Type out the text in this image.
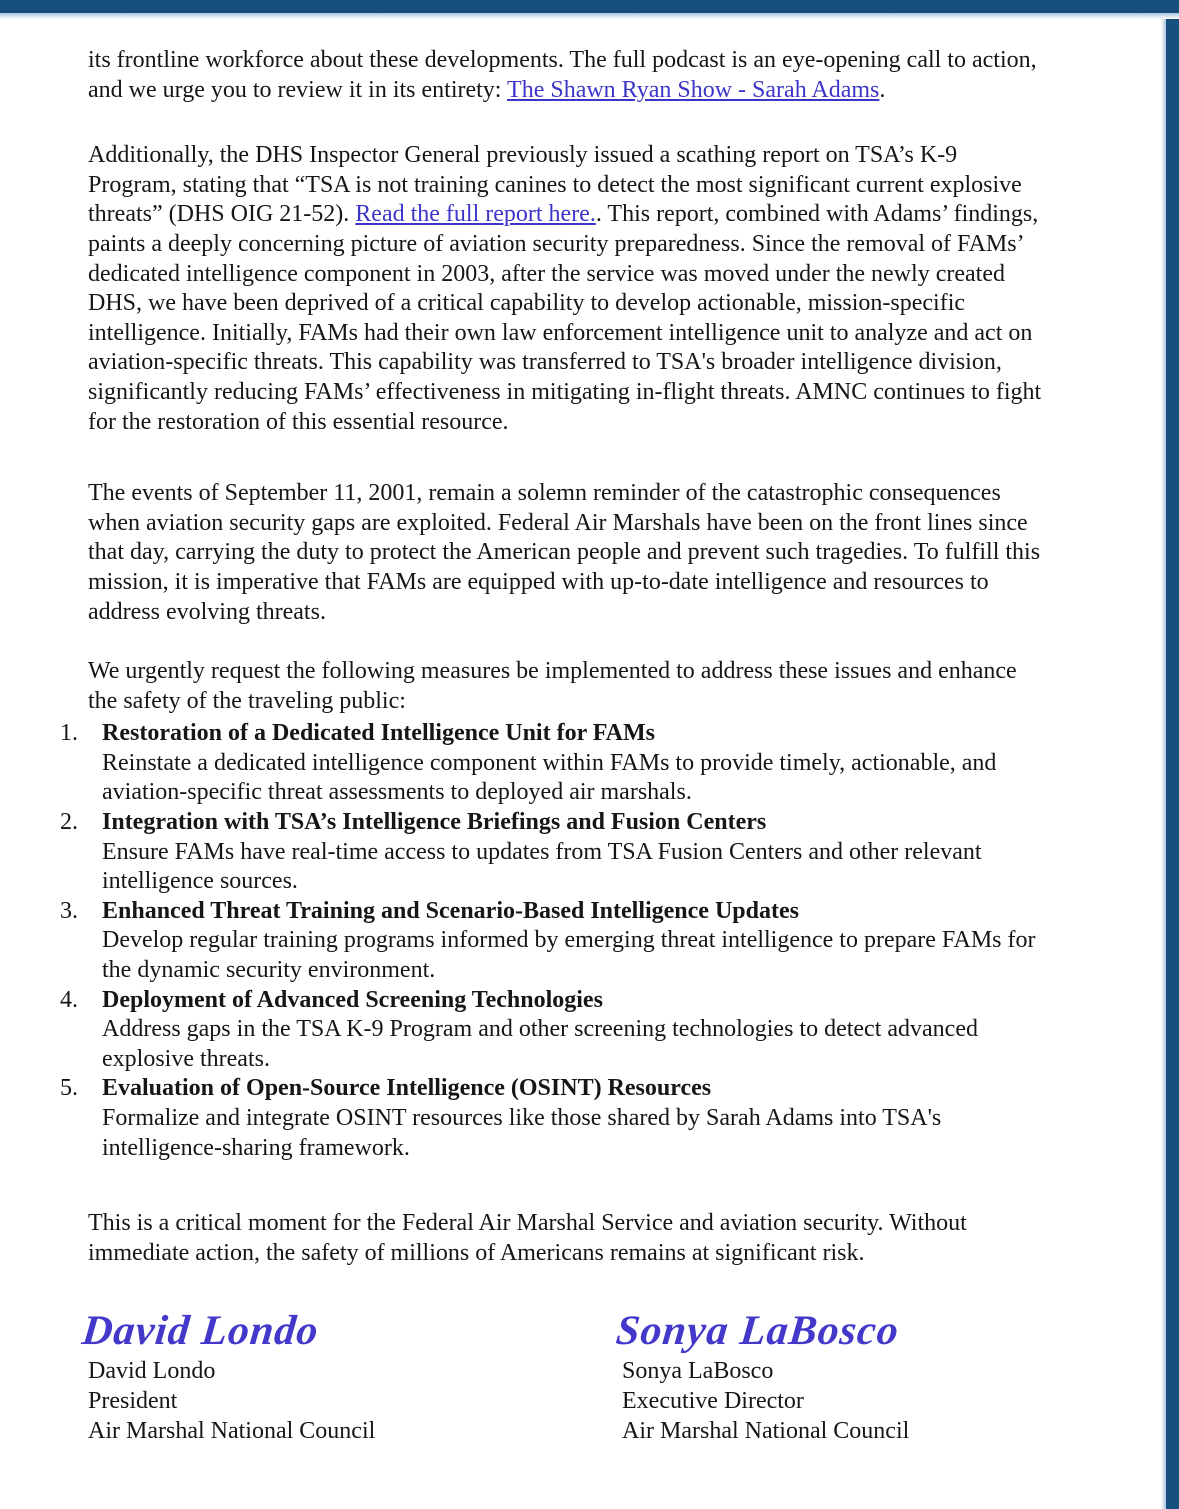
its frontline workforce about these developments. The full podcast is an eye-opening call to action, and we urge you to review it in its entirety: The Shawn Ryan Show - Sarah Adams.

Additionally, the DHS Inspector General previously issued a scathing report on TSA’s K-9 Program, stating that “TSA is not training canines to detect the most significant current explosive threats” (DHS OIG 21-52). Read the full report here.. This report, combined with Adams’ findings, paints a deeply concerning picture of aviation security preparedness. Since the removal of FAMs’ dedicated intelligence component in 2003, after the service was moved under the newly created DHS, we have been deprived of a critical capability to develop actionable, mission-specific intelligence. Initially, FAMs had their own law enforcement intelligence unit to analyze and act on aviation-specific threats. This capability was transferred to TSA's broader intelligence division, significantly reducing FAMs’ effectiveness in mitigating in-flight threats. AMNC continues to fight for the restoration of this essential resource.

The events of September 11, 2001, remain a solemn reminder of the catastrophic consequences when aviation security gaps are exploited. Federal Air Marshals have been on the front lines since that day, carrying the duty to protect the American people and prevent such tragedies. To fulfill this mission, it is imperative that FAMs are equipped with up-to-date intelligence and resources to address evolving threats.

We urgently request the following measures be implemented to address these issues and enhance the safety of the traveling public:

1. Restoration of a Dedicated Intelligence Unit for FAMs
Reinstate a dedicated intelligence component within FAMs to provide timely, actionable, and aviation-specific threat assessments to deployed air marshals.
2. Integration with TSA’s Intelligence Briefings and Fusion Centers
Ensure FAMs have real-time access to updates from TSA Fusion Centers and other relevant intelligence sources.
3. Enhanced Threat Training and Scenario-Based Intelligence Updates
Develop regular training programs informed by emerging threat intelligence to prepare FAMs for the dynamic security environment.
4. Deployment of Advanced Screening Technologies
Address gaps in the TSA K-9 Program and other screening technologies to detect advanced explosive threats.
5. Evaluation of Open-Source Intelligence (OSINT) Resources
Formalize and integrate OSINT resources like those shared by Sarah Adams into TSA's intelligence-sharing framework.

This is a critical moment for the Federal Air Marshal Service and aviation security. Without immediate action, the safety of millions of Americans remains at significant risk.

David Londo
David Londo
President
Air Marshal National Council
Sonya LaBosco
Sonya LaBosco
Executive Director
Air Marshal National Council
